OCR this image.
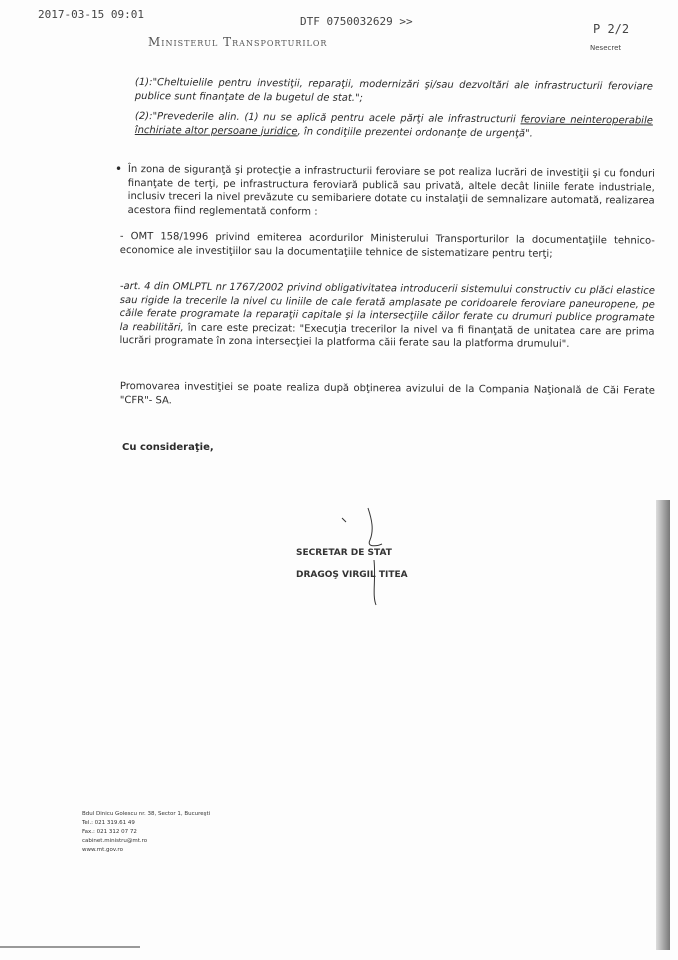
2017-03-15 09:01
DTF 0750032629 >>
P 2/2
Ministerul Transporturilor	Nesecret
(1):"Cheltuielile pentru investiţii, reparaţii, modernizări şi/sau dezvoltări ale infrastructurii feroviare publice sunt finanţate de la bugetul de stat.";
(2):"Prevederile alin. (1) nu se aplică pentru acele părţi ale infrastructurii feroviare neinteroperabile închiriate altor persoane juridice, în condiţiile prezentei ordonanţe de urgenţă".
• În zona de siguranţă şi protecţie a infrastructurii feroviare se pot realiza lucrări de investiţii şi cu fonduri finanţate de terţi, pe infrastructura feroviară publică sau privată, altele decât liniile ferate industriale, inclusiv treceri la nivel prevăzute cu semibariere dotate cu instalaţii de semnalizare automată, realizarea acestora fiind reglementată conform :
- OMT 158/1996 privind emiterea acordurilor Ministerului Transporturilor la documentaţiile tehnico-economice ale investiţiilor sau la documentaţiile tehnice de sistematizare pentru terţi;
-art. 4 din OMLPTL nr 1767/2002 privind obligativitatea introducerii sistemului constructiv cu plăci elastice sau rigide la trecerile la nivel cu liniile de cale ferată amplasate pe coridoarele feroviare paneuropene, pe căile ferate programate la reparaţii capitale şi la intersecţiile căilor ferate cu drumuri publice programate la reabilitări, în care este precizat: "Execuţia trecerilor la nivel va fi finanţată de unitatea care are prima lucrări programate în zona intersecţiei la platforma căii ferate sau la platforma drumului".
Promovarea investiţiei se poate realiza după obţinerea avizului de la Compania Naţională de Căi Ferate "CFR"- SA.
Cu consideraţie,
SECRETAR DE STAT
DRAGOŞ VIRGIL TITEA
Bdul Dinicu Golescu nr. 38, Sector 1, Bucureşti
Tel.: 021 319.61 49
Fax.: 021 312 07 72
cabinet.ministru@mt.ro
www.mt.gov.ro
